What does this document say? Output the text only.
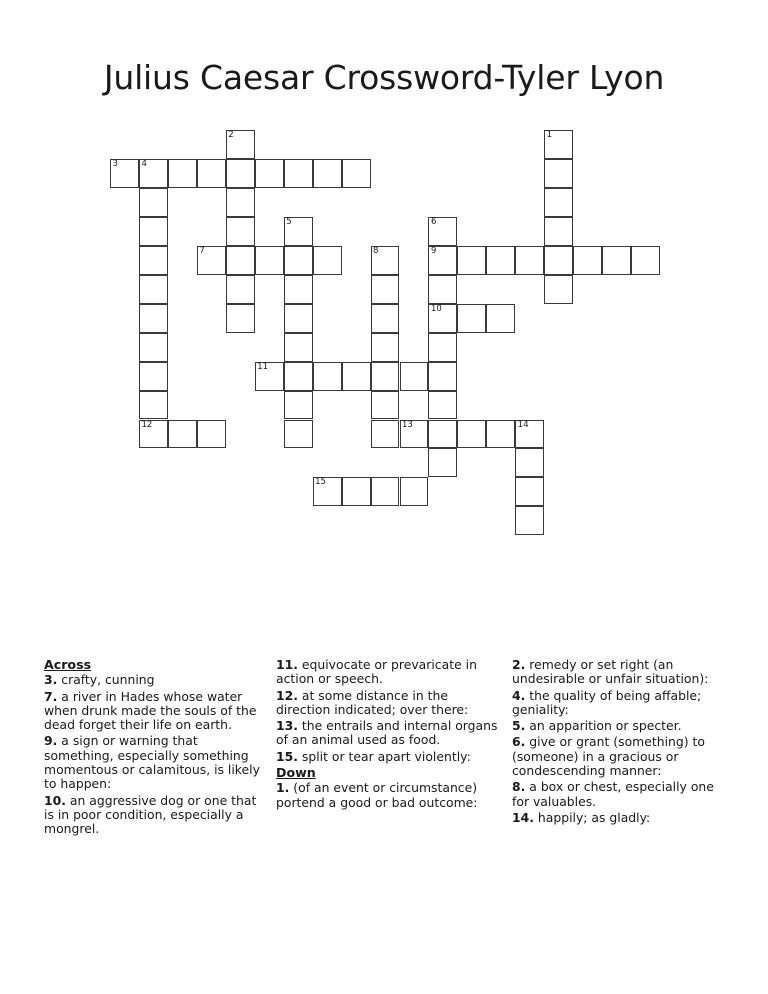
Julius Caesar Crossword-Tyler Lyon
1
2
3	4
5	6
9
10
7	8
11
12	13	14
15
Across
3. crafty, cunning
7. a river in Hades whose water when drunk made the souls of the dead forget their life on earth.
9. a sign or warning that something, especially something momentous or calamitous, is likely to happen:
10. an aggressive dog or one that is in poor condition, especially a mongrel.
11. equivocate or prevaricate in action or speech.
12. at some distance in the direction indicated; over there:
13. the entrails and internal organs of an animal used as food.
15. split or tear apart violently:
Down
1. (of an event or circumstance) portend a good or bad outcome:
2. remedy or set right (an undesirable or unfair situation):
4. the quality of being affable; geniality:
5. an apparition or specter.
6. give or grant (something) to (someone) in a gracious or condescending manner:
8. a box or chest, especially one for valuables.
14. happily; as gladly:
